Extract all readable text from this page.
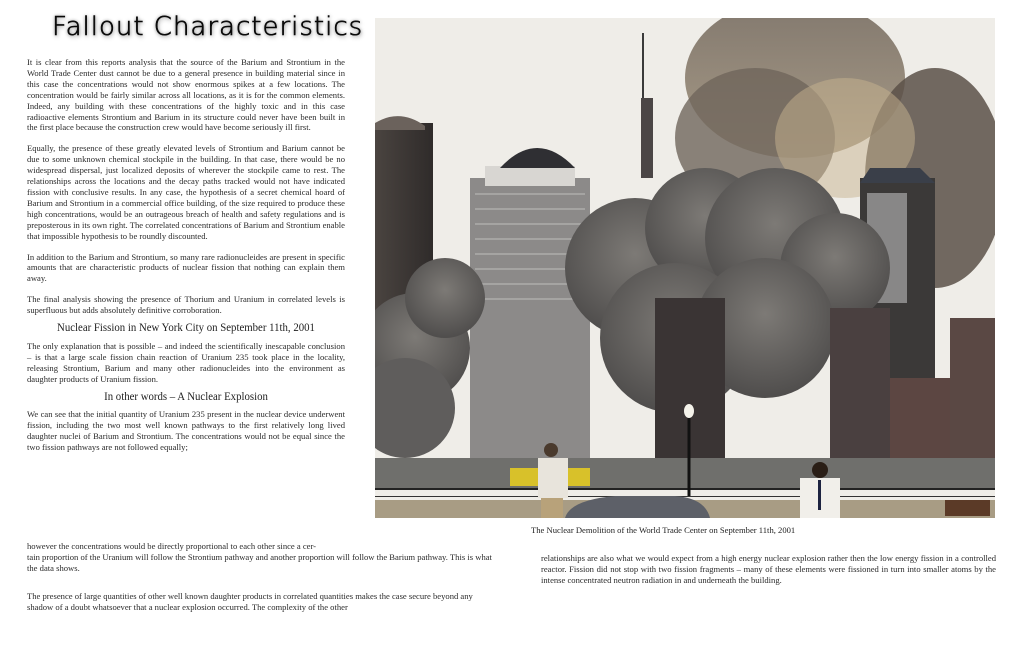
Fallout Characteristics

It is clear from this reports analysis that the source of the Barium and Strontium in the World Trade Center dust cannot be due to a general presence in building material since in this case the concentrations would not show enormous spikes at a few locations. The concentration would be fairly similar across all locations, as it is for the common elements. Indeed, any building with these concentrations of the highly toxic and in this case radioactive elements Strontium and Barium in its structure could never have been built in the first place because the construction crew would have become seriously ill first.

Equally, the presence of these greatly elevated levels of Strontium and Barium cannot be due to some unknown chemical stockpile in the building. In that case, there would be no widespread dispersal, just localized deposits of wherever the stockpile came to rest. The relationships across the locations and the decay paths tracked would not have indicated fission with conclusive results. In any case, the hypothesis of a secret chemical hoard of Barium and Strontium in a commercial office building, of the size required to produce these high concentrations, would be an outrageous breach of health and safety regulations and is preposterous in its own right. The correlated concentrations of Barium and Strontium enable that impossible hypothesis to be roundly discounted.

In addition to the Barium and Strontium, so many rare radionucleides are present in specific amounts that are characteristic products of nuclear fission that nothing can explain them away.

The final analysis showing the presence of Thorium and Uranium in correlated levels is superfluous but adds absolutely definitive corroboration.

Nuclear Fission in New York City on September 11th, 2001

The only explanation that is possible – and indeed the scientifically inescapable conclusion – is that a large scale fission chain reaction of Uranium 235 took place in the locality, releasing Strontium, Barium and many other radionucleides into the environment as daughter products of Uranium fission.

In other words – A Nuclear Explosion

We can see that the initial quantity of Uranium 235 present in the nuclear device underwent fission, including the two most well known pathways to the first relatively long lived daughter nuclei of Barium and Strontium. The concentrations would not be equal since the two fission pathways are not followed equally;

however the concentrations would be directly proportional to each other since a cer-
tain proportion of the Uranium will follow the Strontium pathway and another proportion will follow the Barium pathway. This is what the data shows.
The presence of large quantities of other well known daughter products in correlated quantities makes the case secure beyond any shadow of a doubt whatsoever that a nuclear explosion occurred. The complexity of the other
The Nuclear Demolition of the World Trade Center on September 11th, 2001
relationships are also what we would expect from a high energy nuclear explosion rather then the low energy fission in a controlled reactor. Fission did not stop with two fission fragments – many of these elements were fissioned in turn into smaller atoms by the intense concentrated neutron radiation in and underneath the building.
